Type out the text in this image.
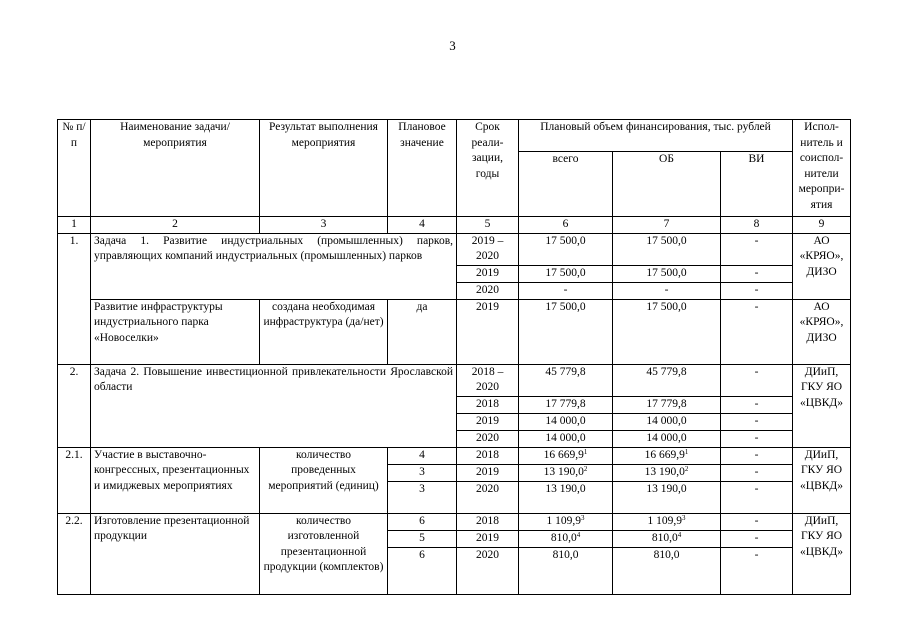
3
№ п/п	Наименование задачи/мероприятия	Результат выполнения мероприятия	Плановое значение	Срок реали-зации, годы	Плановый объем финансирования, тыс. рублей			Испол-нитель и соиспол-нители меропри-ятия
					всего	ОБ	ВИ	
1	2	3	4	5	6	7	8	9
1.	Задача 1. Развитие индустриальных (промышленных) парков, управляющих компаний индустриальных (промышленных) парков			2019 – 2020	17 500,0	17 500,0	-	АО «КРЯО», ДИЗО
				2019	17 500,0	17 500,0	-	
				2020	-	-	-	
	Развитие инфраструктуры индустриального парка «Новоселки»	создана необходимая инфраструктура (да/нет)	да	2019	17 500,0	17 500,0	-	АО «КРЯО», ДИЗО
2.	Задача 2. Повышение инвестиционной привлекательности Ярославской области			2018 – 2020	45 779,8	45 779,8	-	ДИиП, ГКУ ЯО «ЦВКД»
				2018	17 779,8	17 779,8	-	
				2019	14 000,0	14 000,0	-	
				2020	14 000,0	14 000,0	-	
2.1.	Участие в выставочно-конгрессных, презентационных и имиджевых мероприятиях	количество проведенных мероприятий (единиц)	4	2018	16 669,9$^1$	16 669,9$^1$	-	ДИиП, ГКУ ЯО «ЦВКД»
			3	2019	13 190,0$^2$	13 190,0$^2$	-	
			3	2020	13 190,0	13 190,0	-	
2.2.	Изготовление презентационной продукции	количество изготовленной презентационной продукции (комплектов)	6	2018	1 109,9$^3$	1 109,9$^3$	-	ДИиП, ГКУ ЯО «ЦВКД»
			5	2019	810,0$^4$	810,0$^4$	-	
			6	2020	810,0	810,0	-	
